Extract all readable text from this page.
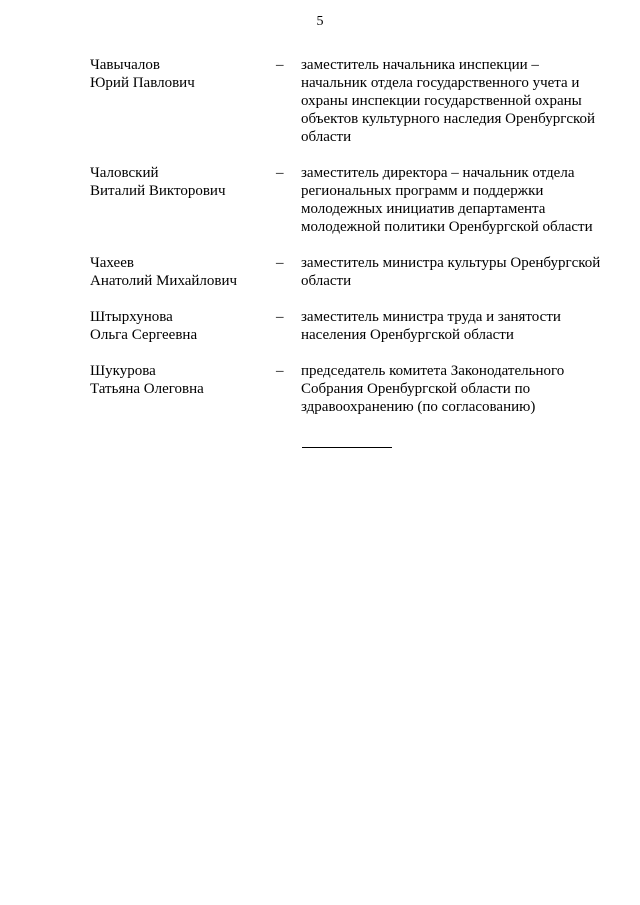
5
Чавычалов
Юрий Павлович
–	заместитель начальника инспекции –
начальник отдела государственного учета и
охраны инспекции государственной охраны
объектов культурного наследия Оренбургской
области
Чаловский
Виталий Викторович
–	заместитель директора – начальник отдела
региональных программ и поддержки
молодежных инициатив департамента
молодежной политики Оренбургской области
Чахеев
Анатолий Михайлович
–	заместитель министра культуры Оренбургской
области
Штырхунова
Ольга Сергеевна
–	заместитель министра труда и занятости
населения Оренбургской области
Шукурова
Татьяна Олеговна
–	председатель комитета Законодательного
Собрания Оренбургской области по
здравоохранению (по согласованию)
